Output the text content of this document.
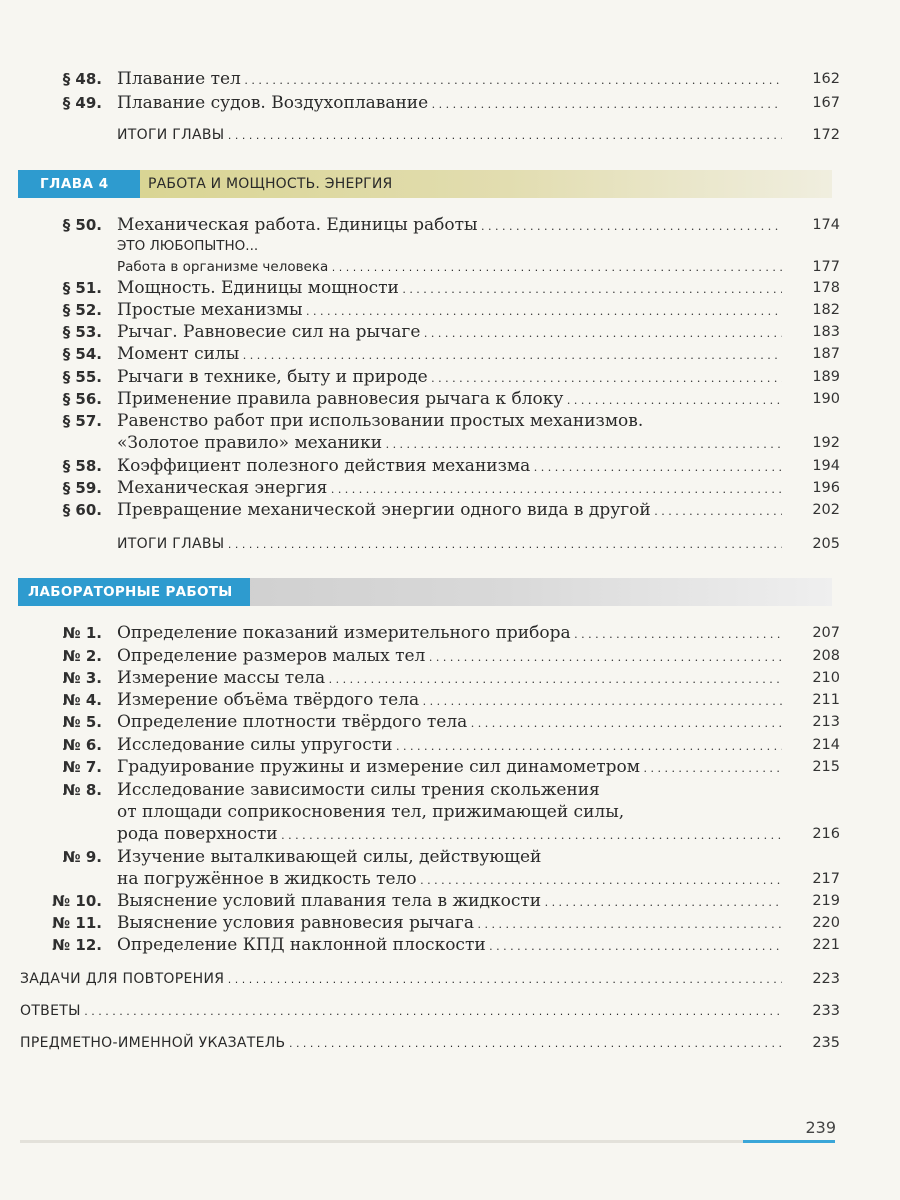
§ 48. Плавание тел . . .	162
§ 49. Плавание судов. Воздухоплавание . . .	167
ИТОГИ ГЛАВЫ . . .	172
ГЛАВА 4	РАБОТА И МОЩНОСТЬ. ЭНЕРГИЯ
§ 50. Механическая работа. Единицы работы . . .	174
ЭТО ЛЮБОПЫТНО...
Работа в организме человека . . .	177
§ 51. Мощность. Единицы мощности . . .	178
§ 52. Простые механизмы . . .	182
§ 53. Рычаг. Равновесие сил на рычаге . . .	183
§ 54. Момент силы . . .	187
§ 55. Рычаги в технике, быту и природе . . .	189
§ 56. Применение правила равновесия рычага к блоку . . .	190
§ 57. Равенство работ при использовании простых механизмов.
«Золотое правило» механики . . .	192
§ 58. Коэффициент полезного действия механизма . . .	194
§ 59. Механическая энергия . . .	196
§ 60. Превращение механической энергии одного вида в другой . . .	202
ИТОГИ ГЛАВЫ . . .	205
ЛАБОРАТОРНЫЕ РАБОТЫ
№ 1. Определение показаний измерительного прибора . . .	207
№ 2. Определение размеров малых тел . . .	208
№ 3. Измерение массы тела . . .	210
№ 4. Измерение объёма твёрдого тела . . .	211
№ 5. Определение плотности твёрдого тела . . .	213
№ 6. Исследование силы упругости . . .	214
№ 7. Градуирование пружины и измерение сил динамометром . . .	215
№ 8. Исследование зависимости силы трения скольжения
от площади соприкосновения тел, прижимающей силы,
рода поверхности . . .	216
№ 9. Изучение выталкивающей силы, действующей
на погружённое в жидкость тело . . .	217
№ 10. Выяснение условий плавания тела в жидкости . . .	219
№ 11. Выяснение условия равновесия рычага . . .	220
№ 12. Определение КПД наклонной плоскости . . .	221
ЗАДАЧИ ДЛЯ ПОВТОРЕНИЯ . . .	223
ОТВЕТЫ . . .	233
ПРЕДМЕТНО-ИМЕННОЙ УКАЗАТЕЛЬ . . .	235
239
